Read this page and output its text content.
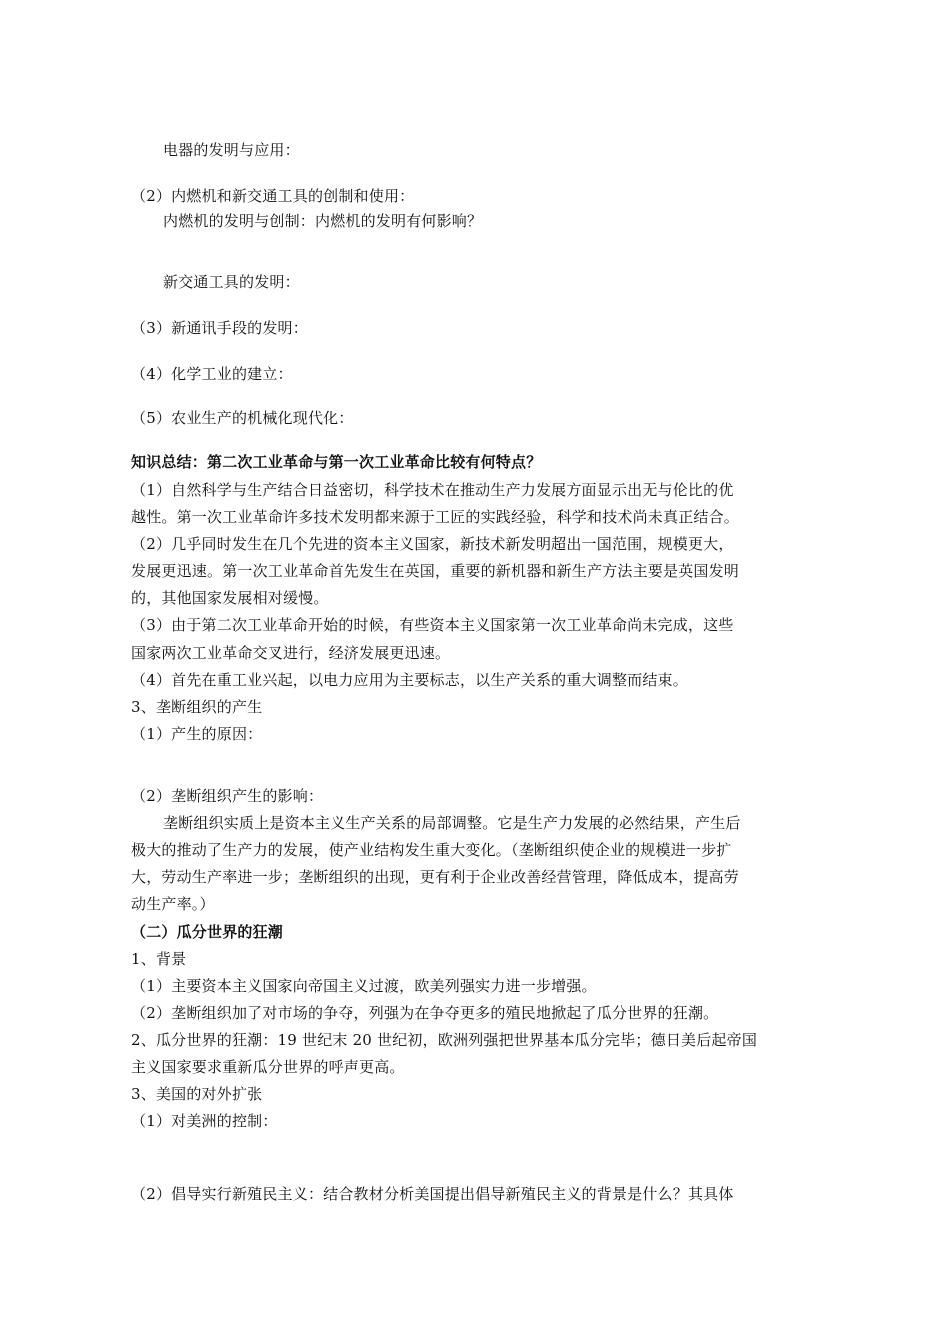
电器的发明与应用：
（2）内燃机和新交通工具的创制和使用：
内燃机的发明与创制：内燃机的发明有何影响？
新交通工具的发明：
（3）新通讯手段的发明：
（4）化学工业的建立：
（5）农业生产的机械化现代化：
知识总结：第二次工业革命与第一次工业革命比较有何特点？
（1）自然科学与生产结合日益密切，科学技术在推动生产力发展方面显示出无与伦比的优
越性。第一次工业革命许多技术发明都来源于工匠的实践经验，科学和技术尚未真正结合。
（2）几乎同时发生在几个先进的资本主义国家，新技术新发明超出一国范围，规模更大，
发展更迅速。第一次工业革命首先发生在英国，重要的新机器和新生产方法主要是英国发明
的，其他国家发展相对缓慢。
（3）由于第二次工业革命开始的时候，有些资本主义国家第一次工业革命尚未完成，这些
国家两次工业革命交叉进行，经济发展更迅速。
（4）首先在重工业兴起，以电力应用为主要标志，以生产关系的重大调整而结束。
3、垄断组织的产生
（1）产生的原因：
（2）垄断组织产生的影响：
垄断组织实质上是资本主义生产关系的局部调整。它是生产力发展的必然结果，产生后
极大的推动了生产力的发展，使产业结构发生重大变化。（垄断组织使企业的规模进一步扩
大，劳动生产率进一步；垄断组织的出现，更有利于企业改善经营管理，降低成本，提高劳
动生产率。）
（二）瓜分世界的狂潮
1、背景
（1）主要资本主义国家向帝国主义过渡，欧美列强实力进一步增强。
（2）垄断组织加了对市场的争夺，列强为在争夺更多的殖民地掀起了瓜分世界的狂潮。
2、瓜分世界的狂潮：19 世纪末 20 世纪初，欧洲列强把世界基本瓜分完毕；德日美后起帝国
主义国家要求重新瓜分世界的呼声更高。
3、美国的对外扩张
（1）对美洲的控制：
（2）倡导实行新殖民主义：结合教材分析美国提出倡导新殖民主义的背景是什么？其具体
